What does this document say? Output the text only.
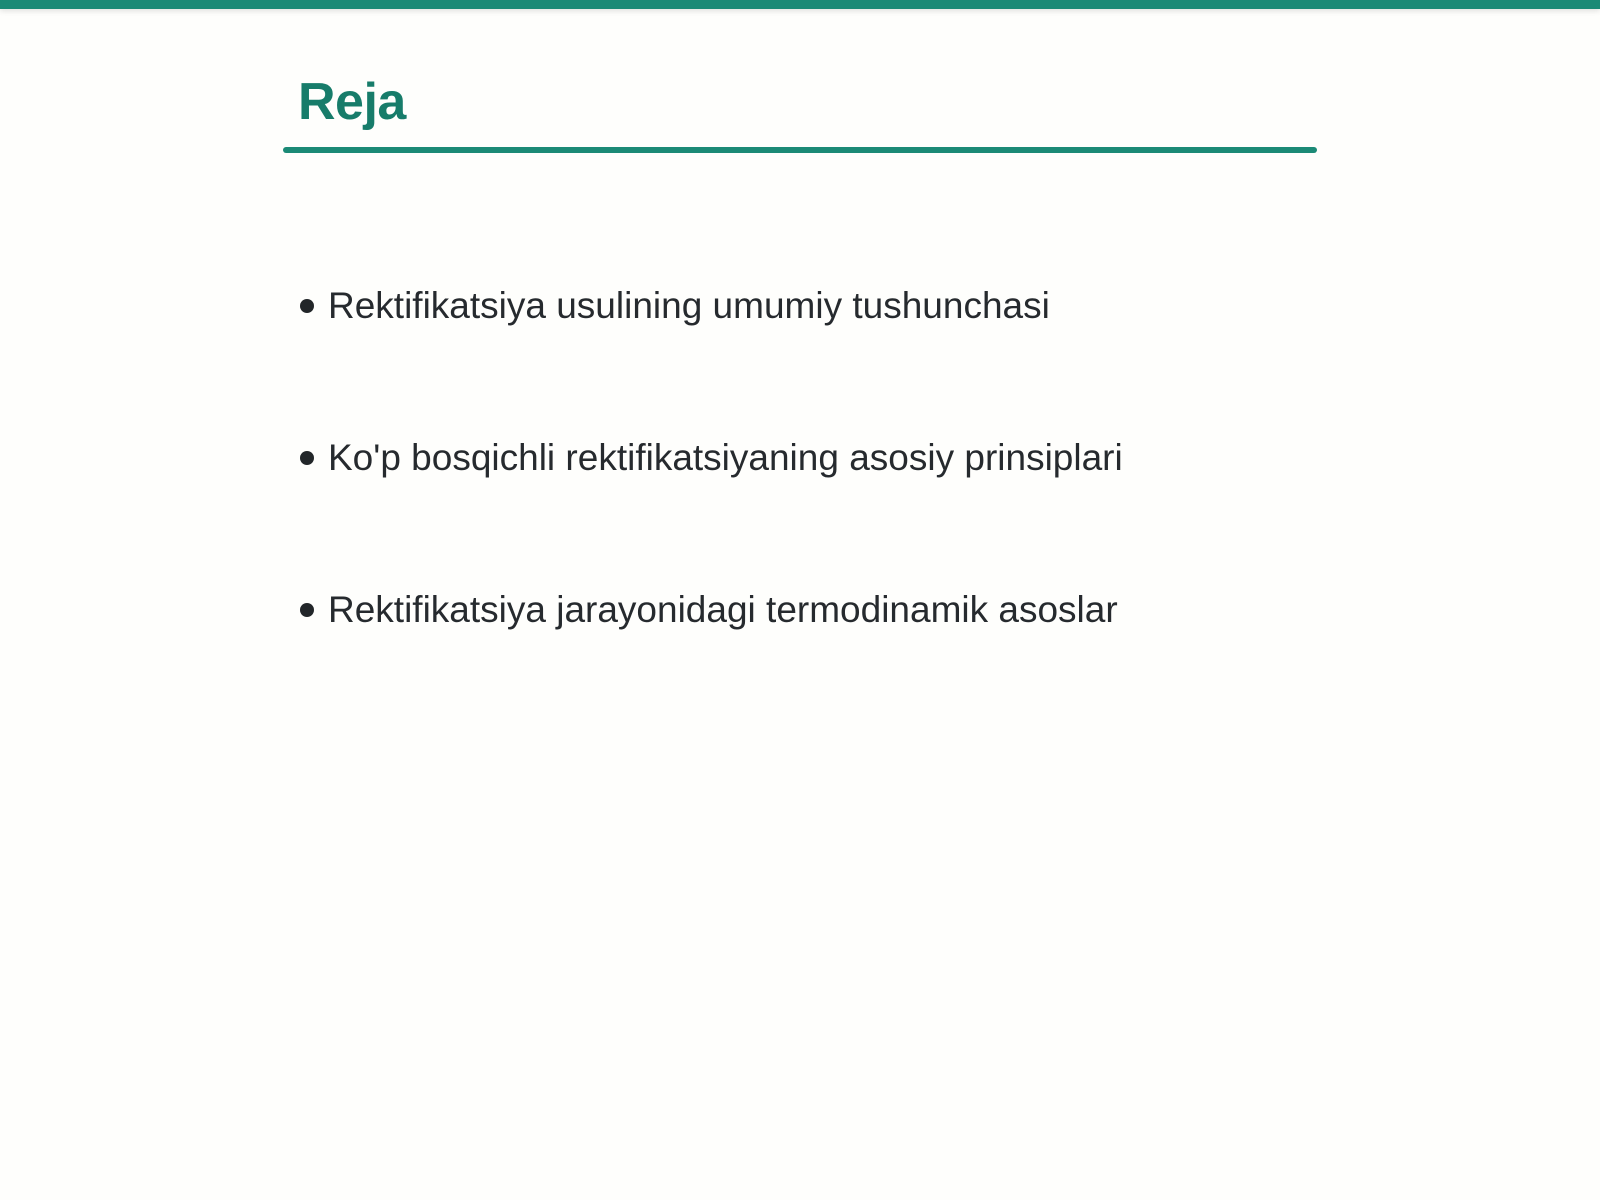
Reja
Rektifikatsiya usulining umumiy tushunchasi
Ko'p bosqichli rektifikatsiyaning asosiy prinsiplari
Rektifikatsiya jarayonidagi termodinamik asoslar
